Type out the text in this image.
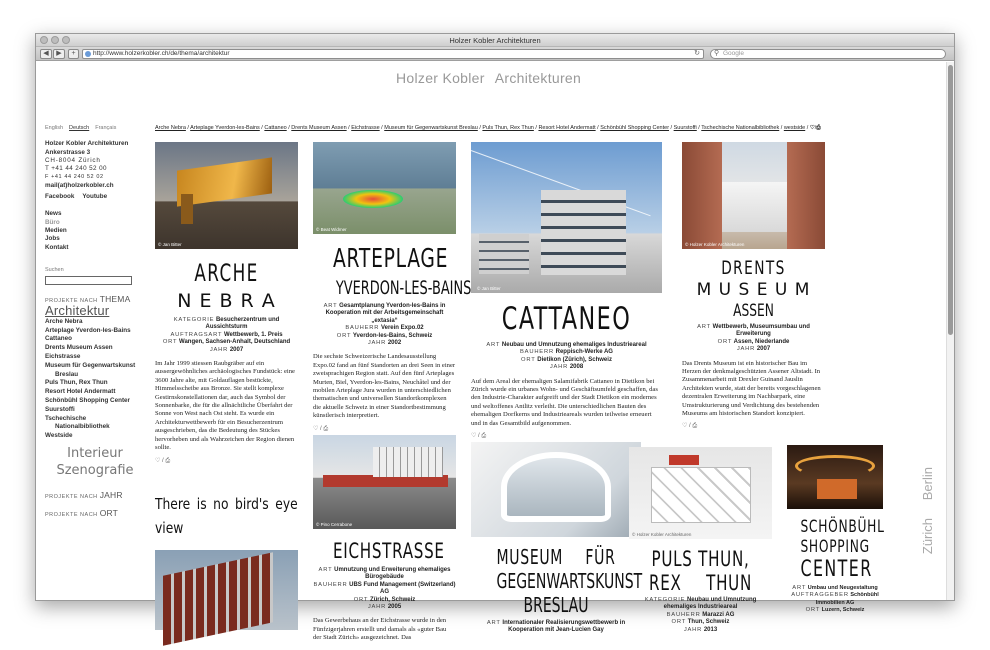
Holzer Kobler Architekturen
◀	▶	+	http://www.holzerkobler.ch/de/thema/architektur	↻ ⚲ Google
Holzer Kobler Architekturen
English Deutsch Français
Holzer Kobler Architekturen
Ankerstrasse 3
CH-8004 Zürich
T +41 44 240 52 00
F +41 44 240 52 02
mail(at)holzerkobler.ch
Facebook Youtube
News
Büro
Medien
Jobs
Kontakt
Suchen
PROJEKTE NACH THEMA
Architektur
Arche Nebra
Arteplage Yverdon-les-Bains
Cattaneo
Drents Museum Assen
Eichstrasse
Museum für Gegenwartskunst
Breslau
Puls Thun, Rex Thun
Resort Hotel Andermatt
Schönbühl Shopping Center
Suurstoffi
Tschechische
Nationalbibliothek
Westside
Interieur
Szenografie
PROJEKTE NACH JAHR
PROJEKTE NACH ORT
Arche Nebra / Arteplage Yverdon-les-Bains / Cattaneo / Drents Museum Assen / Eichstrasse / Museum für Gegenwartskunst Breslau / Puls Thun, Rex Thun / Resort Hotel Andermatt / Schönbühl Shopping Center / Suurstoffi / Tschechische Nationalbibliothek / westside / ♡/⎙
© Jan Bitter
ARCHE
N E B R A
KATEGORIE Besucherzentrum und Aussichtsturm
AUFTRAGSART Wettbewerb, 1. Preis
ORT Wangen, Sachsen-Anhalt, Deutschland
JAHR 2007
Im Jahr 1999 stiessen Raubgräber auf ein aussergewöhnliches archäologisches Fundstück: eine 3600 Jahre alte, mit Goldauflagen bestückte, Himmelsscheibe aus Bronze. Sie stellt komplexe Gestirnskonstellationen dar, auch das Symbol der Sonnenbarke, die für die allnächtliche Überfahrt der Sonne von West nach Ost steht. Es wurde ein Architekturwettbewerb für ein Besucherzentrum ausgeschrieben, das die Bedeutung des Stückes hervorheben und als Wahrzeichen der Region dienen sollte.
♡ / ⎙
There is no bird's eye view
© Beat Widmer
ARTEPLAGE
YVERDON-LES-BAINS
ART Gesamtplanung Yverdon-les-Bains in Kooperation mit der Arbeitsgemeinschaft „extasia“
BAUHERR Verein Expo.02
ORT Yverdon-les-Bains, Schweiz
JAHR 2002
Die sechste Schweizerische Landesausstellung Expo.02 fand an fünf Standorten an drei Seen in einer zweisprachigen Region statt. Auf den fünf Arteplages Murten, Biel, Yverdon-les-Bains, Neuchâtel und der mobilen Arteplage Jura wurden in unterschiedlichen thematischen und universellen Standortkomplexen die aktuelle Schweiz in einer Standortbestimmung künstlerisch interpretiert.
♡ / ⎙
© Pino Cerrabone
EICHSTRASSE
ART Umnutzung und Erweiterung ehemaliges Bürogebäude
BAUHERR UBS Fund Management (Switzerland) AG
ORT Zürich, Schweiz
JAHR 2005
Das Gewerbehaus an der Eichstrasse wurde in den Fünfzigerjahren erstellt und damals als «guter Bau der Stadt Zürich» ausgezeichnet. Das
© Jan Bitter
CATTANEO
ART Neubau und Umnutzung ehemaliges Industrieareal
BAUHERR Reppisch-Werke AG
ORT Dietikon (Zürich), Schweiz
JAHR 2008
Auf dem Areal der ehemaligen Salamifabrik Cattaneo in Dietikon bei Zürich wurde ein urbanes Wohn- und Geschäftsumfeld geschaffen, das den Industrie-Charakter aufgreift und der Stadt Dietikon ein modernes und weltoffenes Antlitz verleiht. Die unterschiedlichen Bauten des ehemaligen Dorfkerns und Industrieareals wurden teilweise erneuert und in das Gesamtbild aufgenommen.
♡ / ⎙
MUSEUM FÜR
GEGENWARTSKUNST
BRESLAU
ART Internationaler Realisierungswettbewerb in Kooperation mit Jean-Lucien Gay
© Holzer Kobler Architekturen
DRENTS
M U S E U M
ASSEN
ART Wettbewerb, Museumsumbau und Erweiterung
ORT Assen, Niederlande
JAHR 2007
Das Drents Museum ist ein historischer Bau im Herzen der denkmalgeschützten Assener Altstadt. In Zusammenarbeit mit Drexler Guinand Jauslin Architekten wurde, statt der bereits vorgeschlagenen dezentralen Erweiterung im Nachbarpark, eine Umstrukturierung und Verdichtung des bestehenden Museums am historischen Standort konzipiert.
♡ / ⎙
© Holzer Kobler Architekturen
PULS THUN,
REX THUN
KATEGORIE Neubau und Umnutzung ehemaliges Industrieareal
BAUHERR Marazzi AG
ORT Thun, Schweiz
JAHR 2013
SCHÖNBÜHL
SHOPPING
CENTER
ART Umbau und Neugestaltung
AUFTRAGGEBER Schönbühl Immobilien AG
ORT Luzern, Schweiz
Berlin
Zürich
